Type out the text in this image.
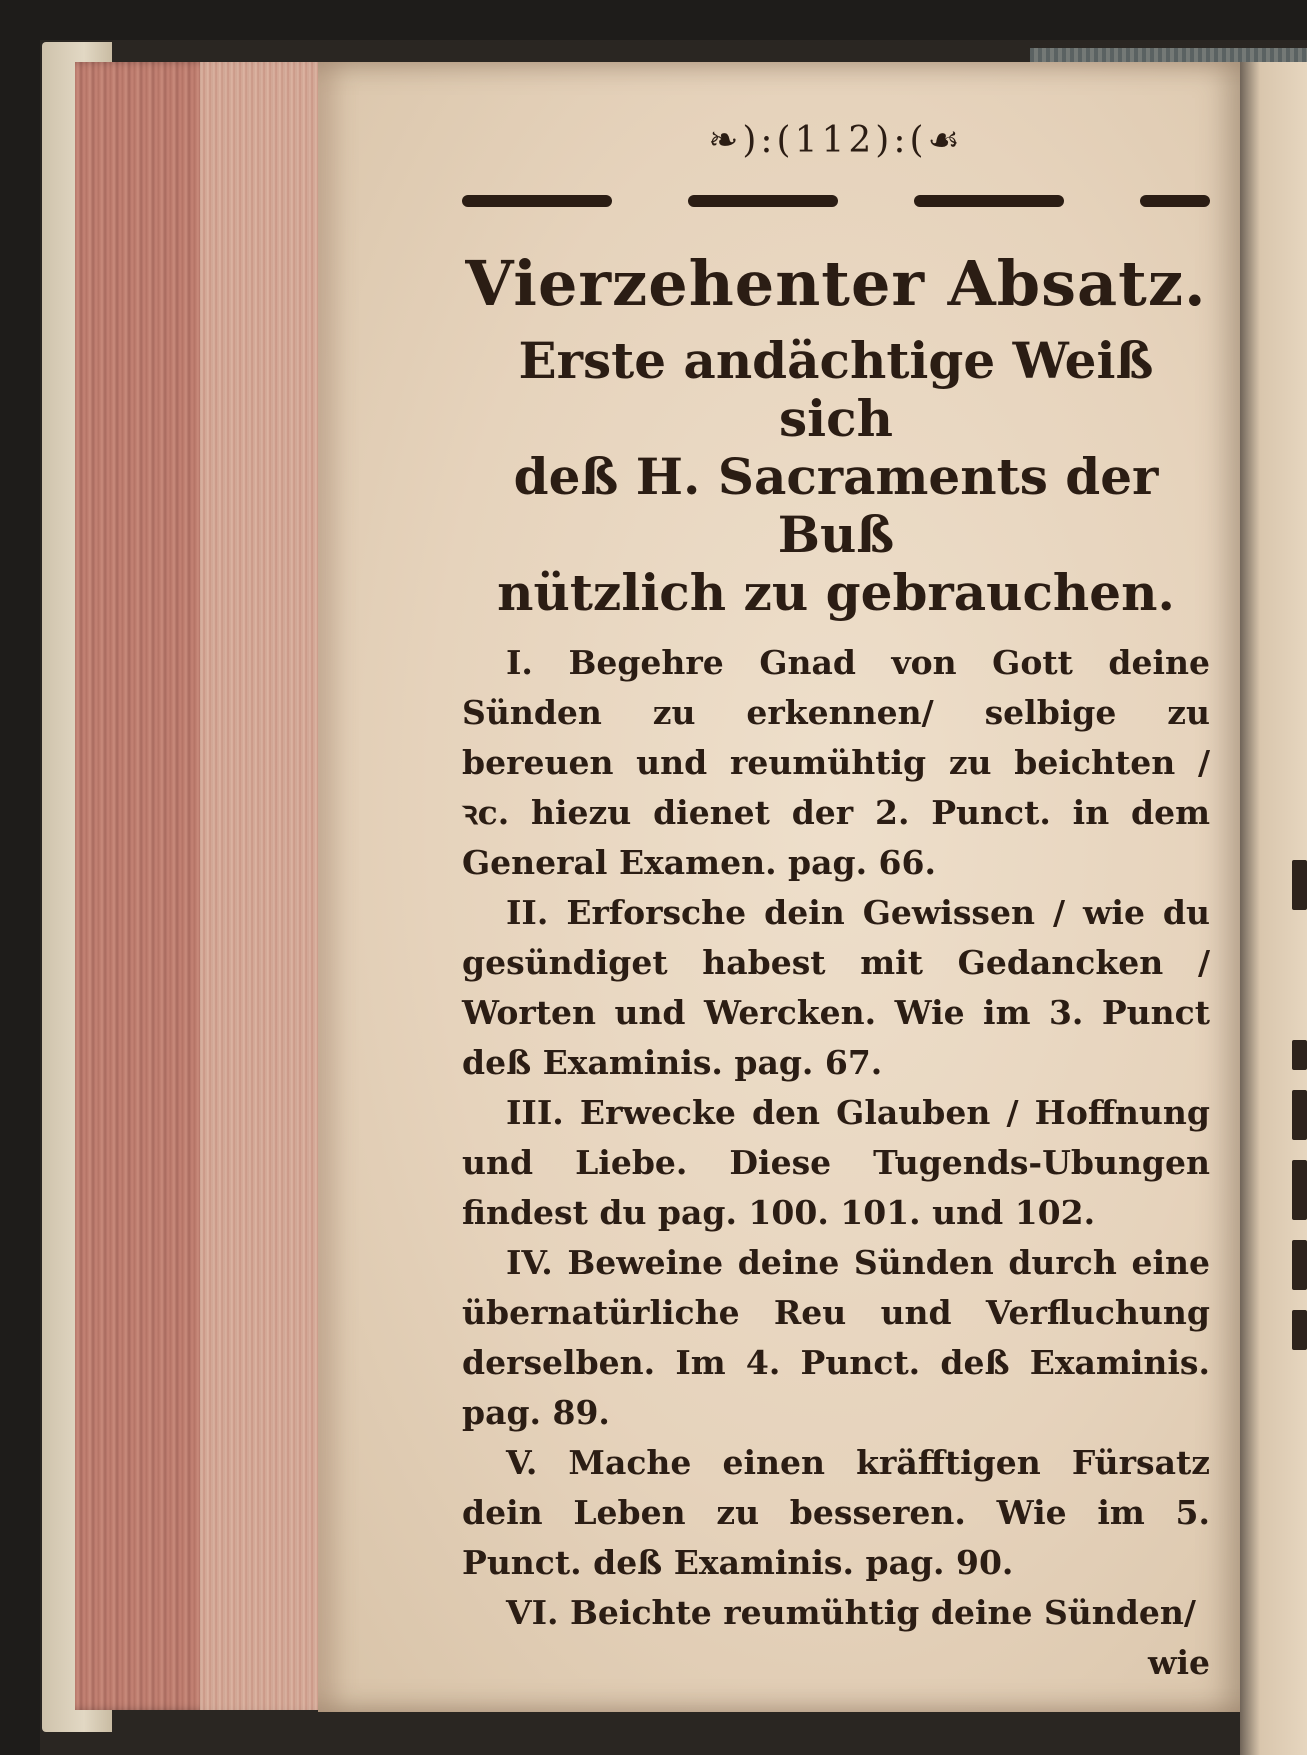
❧):(112):(☙
Vierzehenter Absatz.
Erste andächtige Weiß sich
deß H. Sacraments der Buß
nützlich zu gebrauchen.

I. Begehre Gnad von Gott deine Sünden zu erkennen/ selbige zu bereuen und reumühtig zu beichten / ꝛc. hiezu dienet der 2. Punct. in dem General Examen. pag. 66.

II. Erforsche dein Gewissen / wie du gesündiget habest mit Gedancken / Worten und Wercken. Wie im 3. Punct deß Examinis. pag. 67.

III. Erwecke den Glauben / Hoffnung und Liebe. Diese Tugends-Ubungen findest du pag. 100. 101. und 102.

IV. Beweine deine Sünden durch eine übernatürliche Reu und Verfluchung derselben. Im 4. Punct. deß Examinis. pag. 89.

V. Mache einen kräfftigen Fürsatz dein Leben zu besseren. Wie im 5. Punct. deß Examinis. pag. 90.

VI. Beichte reumühtig deine Sünden/

wie
